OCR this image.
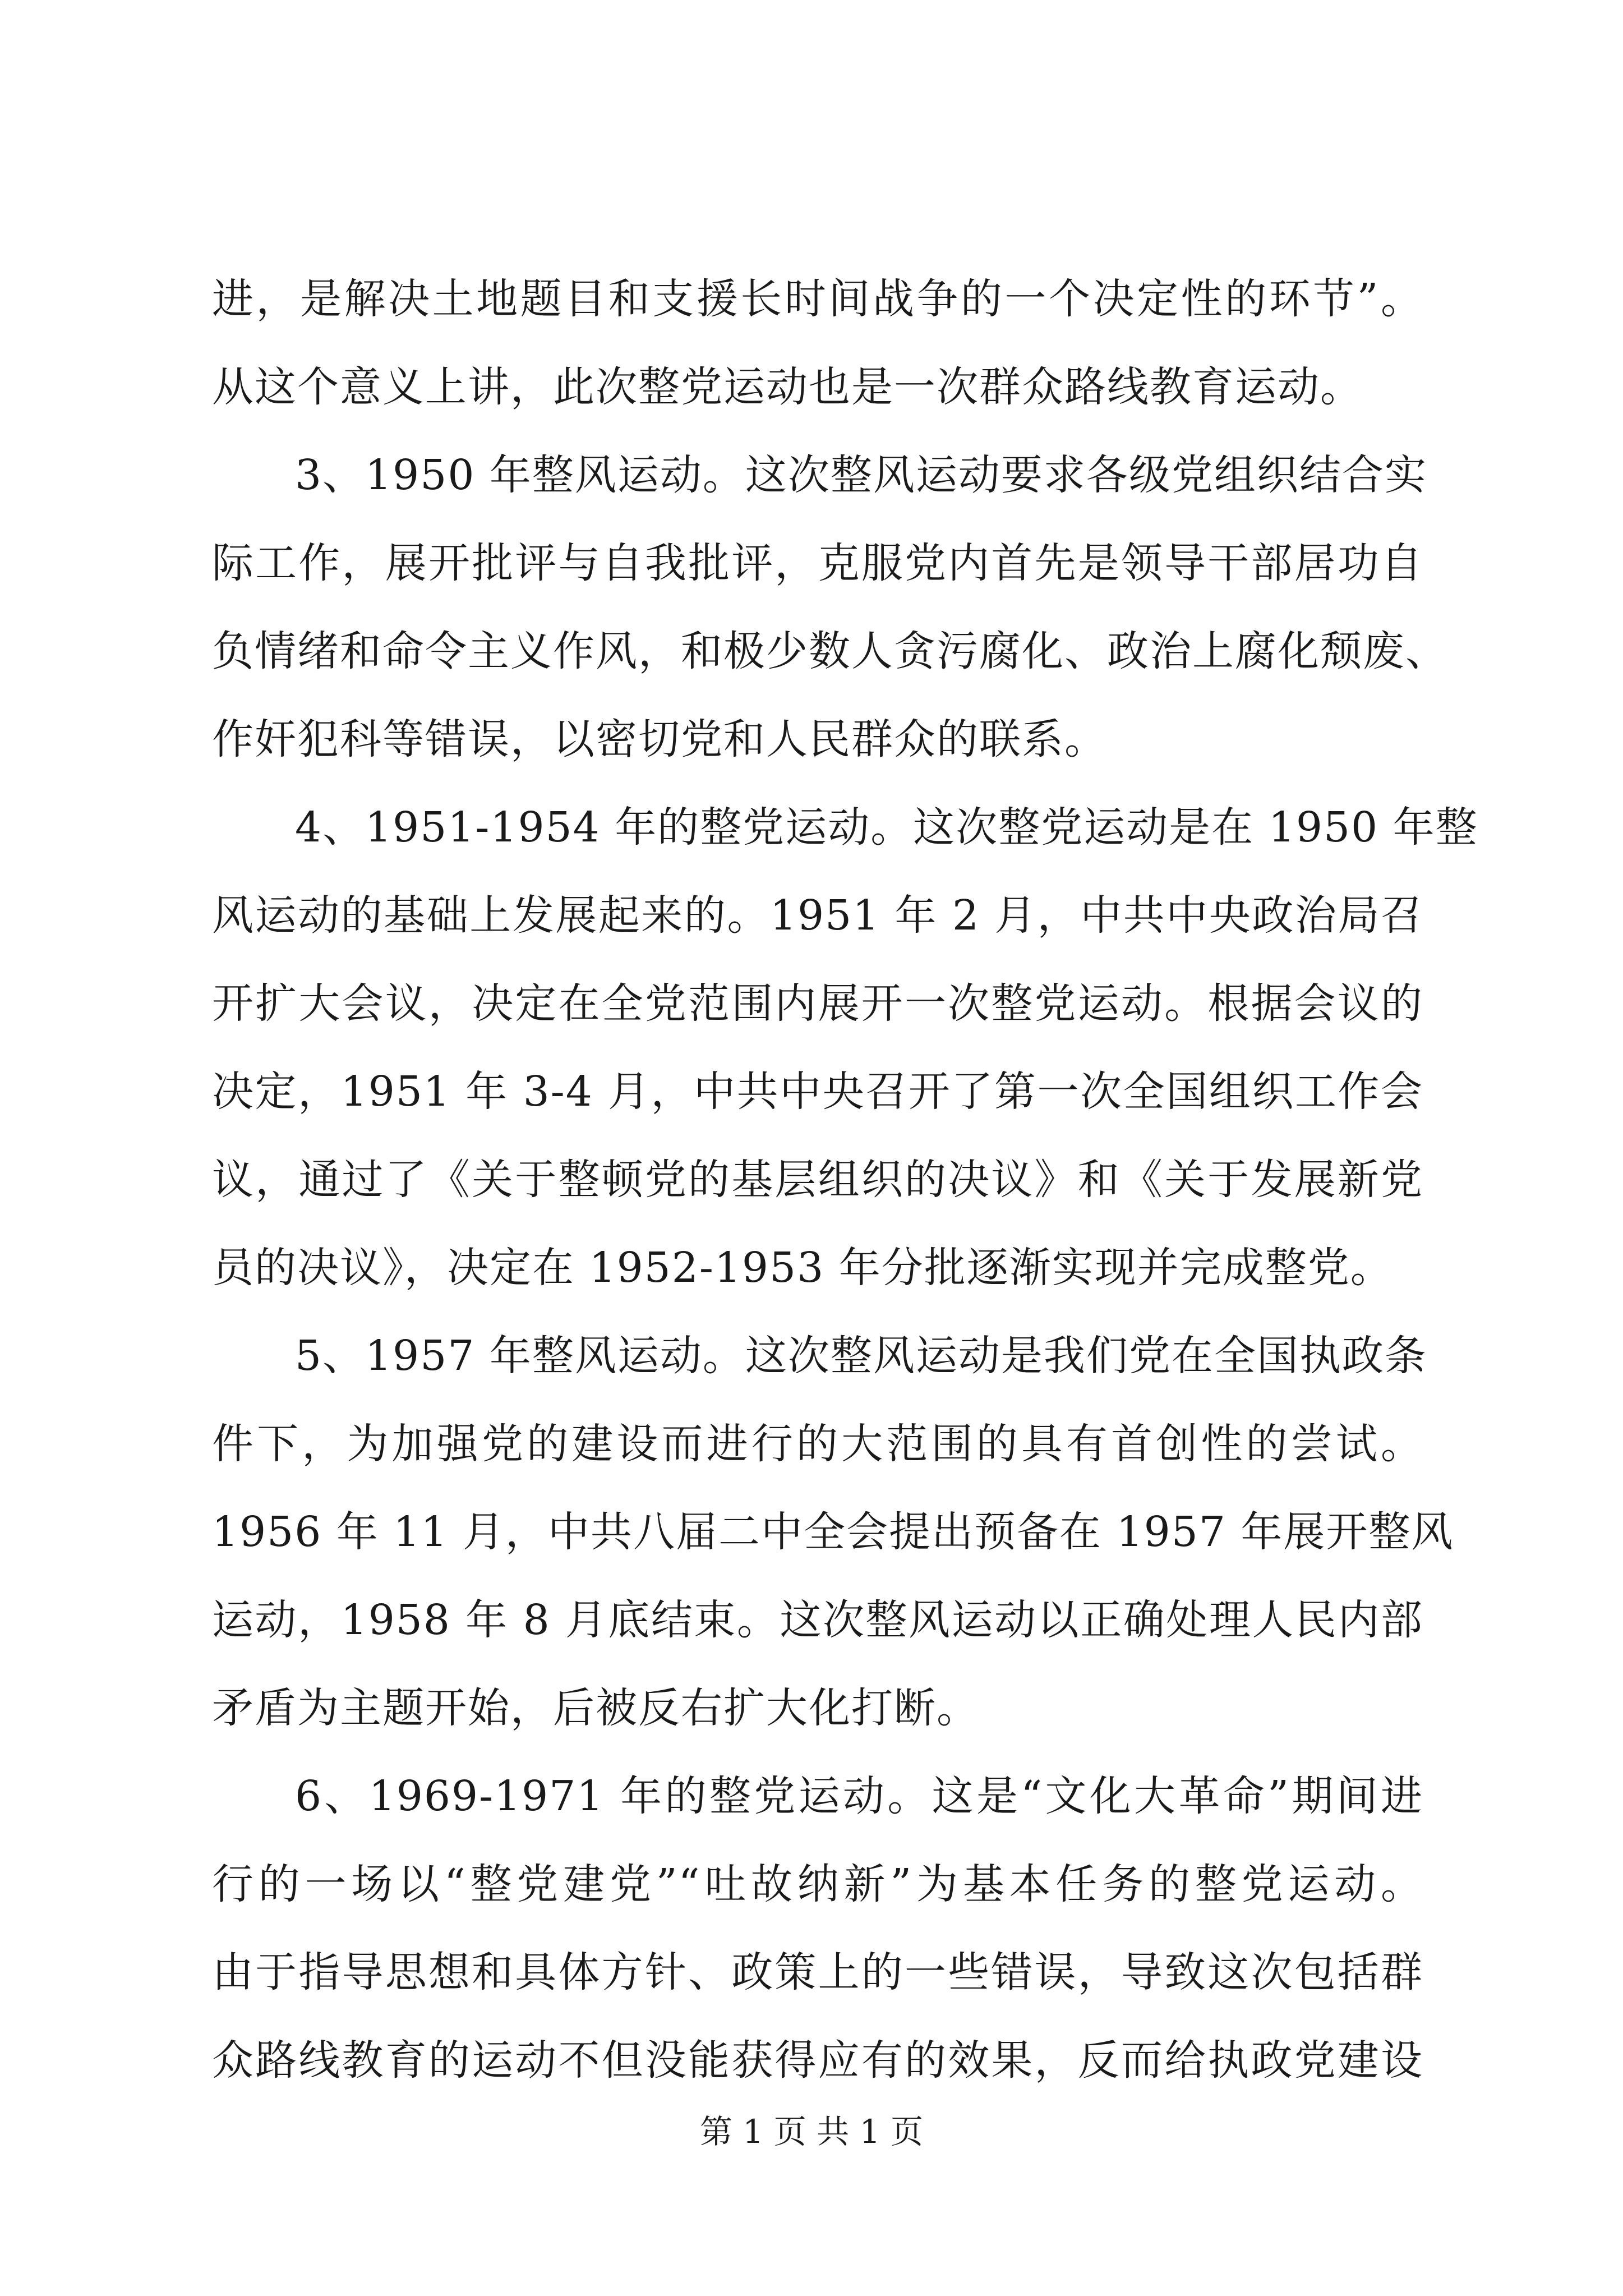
进，是解决土地题目和支援长时间战争的一个决定性的环节”。
从这个意义上讲，此次整党运动也是一次群众路线教育运动。
3、1950 年整风运动。这次整风运动要求各级党组织结合实
际工作，展开批评与自我批评，克服党内首先是领导干部居功自
负情绪和命令主义作风，和极少数人贪污腐化、政治上腐化颓废、
作奸犯科等错误，以密切党和人民群众的联系。
4、1951-1954 年的整党运动。这次整党运动是在 1950 年整
风运动的基础上发展起来的。1951 年 2 月，中共中央政治局召
开扩大会议，决定在全党范围内展开一次整党运动。根据会议的
决定，1951 年 3-4 月，中共中央召开了第一次全国组织工作会
议，通过了《关于整顿党的基层组织的决议》和《关于发展新党
员的决议》，决定在 1952-1953 年分批逐渐实现并完成整党。
5、1957 年整风运动。这次整风运动是我们党在全国执政条
件下，为加强党的建设而进行的大范围的具有首创性的尝试。
1956 年 11 月，中共八届二中全会提出预备在 1957 年展开整风
运动，1958 年 8 月底结束。这次整风运动以正确处理人民内部
矛盾为主题开始，后被反右扩大化打断。
6、1969-1971 年的整党运动。这是“文化大革命”期间进
行的一场以“整党建党”“吐故纳新”为基本任务的整党运动。
由于指导思想和具体方针、政策上的一些错误，导致这次包括群
众路线教育的运动不但没能获得应有的效果，反而给执政党建设
第 1 页 共 1 页
